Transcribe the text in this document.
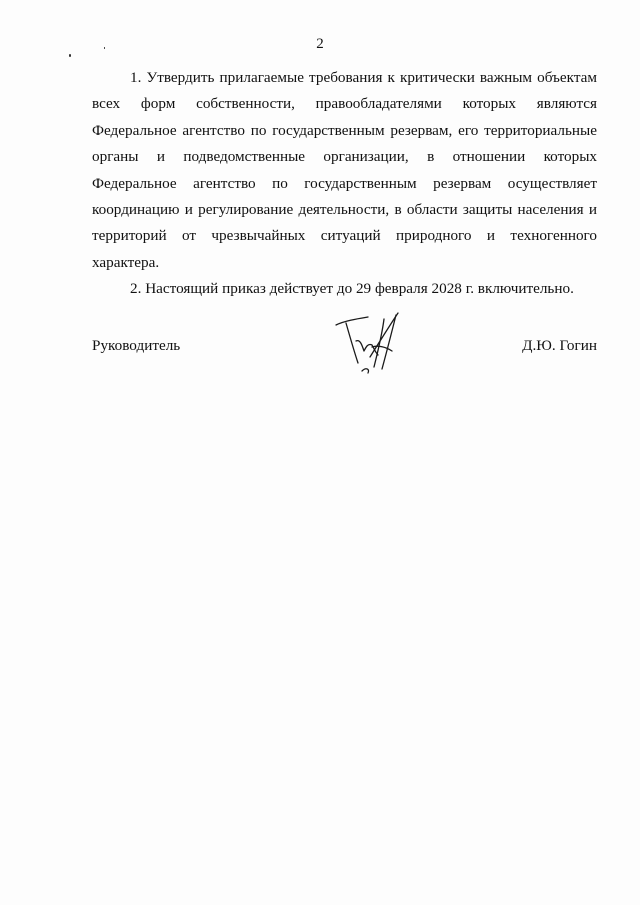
2

1. Утвердить прилагаемые требования к критически важным объектам всех форм собственности, правообладателями которых являются Федеральное агентство по государственным резервам, его территориальные органы и подведомственные организации, в отношении которых Федеральное агентство по государственным резервам осуществляет координацию и регулирование деятельности, в области защиты населения и территорий от чрезвычайных ситуаций природного и техногенного характера.

2. Настоящий приказ действует до 29 февраля 2028 г. включительно.

Руководитель	Д.Ю. Гогин
